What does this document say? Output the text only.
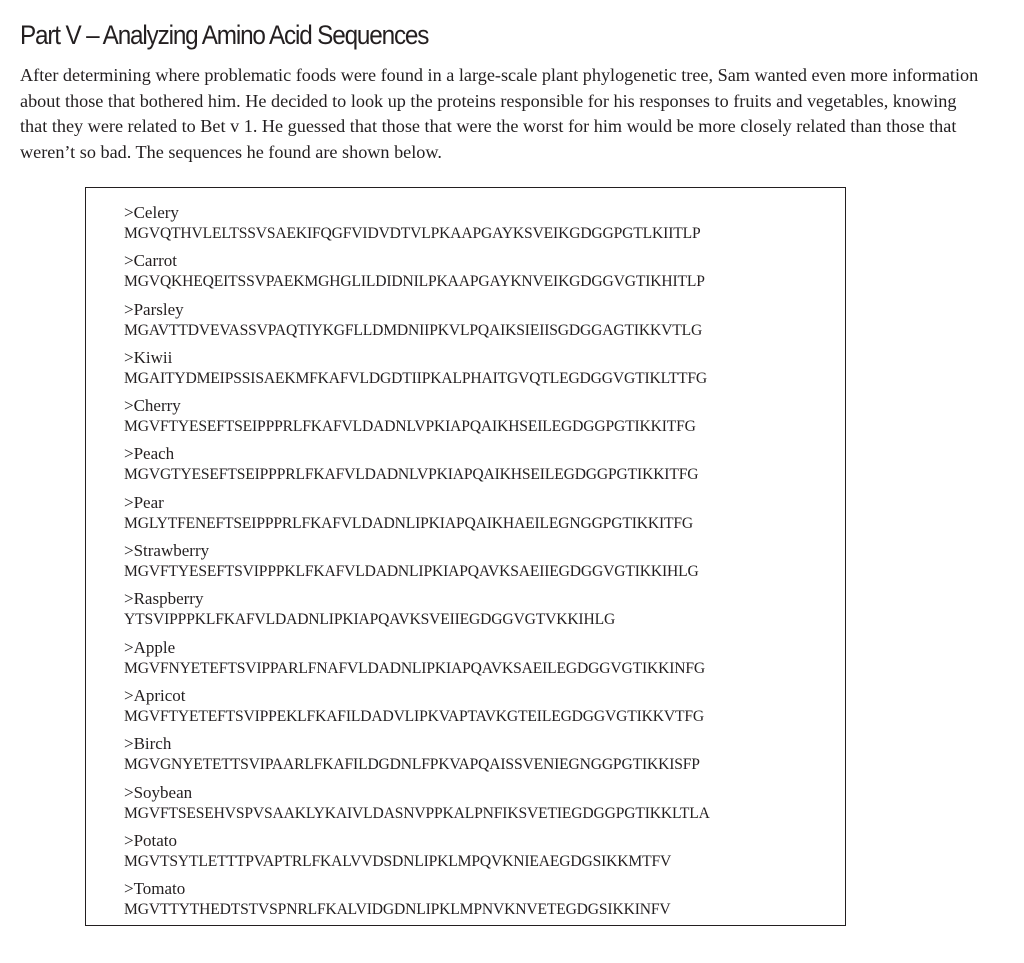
Part V – Analyzing Amino Acid Sequences

After determining where problematic foods were found in a large-scale plant phylogenetic tree, Sam wanted even more information about those that bothered him. He decided to look up the proteins responsible for his responses to fruits and vegetables, knowing that they were related to Bet v 1. He guessed that those that were the worst for him would be more closely related than those that weren’t so bad. The sequences he found are shown below.

>Celery
MGVQTHVLELTSSVSAEKIFQGFVIDVDTVLPKAAPGAYKSVEIKGDGGPGTLKIITLP
>Carrot
MGVQKHEQEITSSVPAEKMGHGLILDIDNILPKAAPGAYKNVEIKGDGGVGTIKHITLP
>Parsley
MGAVTTDVEVASSVPAQTIYKGFLLDMDNIIPKVLPQAIKSIEIISGDGGAGTIKKVTLG
>Kiwii
MGAITYDMEIPSSISAEKMFKAFVLDGDTIIPKALPHAITGVQTLEGDGGVGTIKLTTFG
>Cherry
MGVFTYESEFTSEIPPPRLFKAFVLDADNLVPKIAPQAIKHSEILEGDGGPGTIKKITFG
>Peach
MGVGTYESEFTSEIPPPRLFKAFVLDADNLVPKIAPQAIKHSEILEGDGGPGTIKKITFG
>Pear
MGLYTFENEFTSEIPPPRLFKAFVLDADNLIPKIAPQAIKHAEILEGNGGPGTIKKITFG
>Strawberry
MGVFTYESEFTSVIPPPKLFKAFVLDADNLIPKIAPQAVKSAEIIEGDGGVGTIKKIHLG
>Raspberry
YTSVIPPPKLFKAFVLDADNLIPKIAPQAVKSVEIIEGDGGVGTVKKIHLG
>Apple
MGVFNYETEFTSVIPPARLFNAFVLDADNLIPKIAPQAVKSAEILEGDGGVGTIKKINFG
>Apricot
MGVFTYETEFTSVIPPEKLFKAFILDADVLIPKVAPTAVKGTEILEGDGGVGTIKKVTFG
>Birch
MGVGNYETETTSVIPAARLFKAFILDGDNLFPKVAPQAISSVENIEGNGGPGTIKKISFP
>Soybean
MGVFTSESEHVSPVSAAKLYKAIVLDASNVPPKALPNFIKSVETIEGDGGPGTIKKLTLA
>Potato
MGVTSYTLETTTPVAPTRLFKALVVDSDNLIPKLMPQVKNIEAEGDGSIKKMTFV
>Tomato
MGVTTYTHEDTSTVSPNRLFKALVIDGDNLIPKLMPNVKNVETEGDGSIKKINFV
